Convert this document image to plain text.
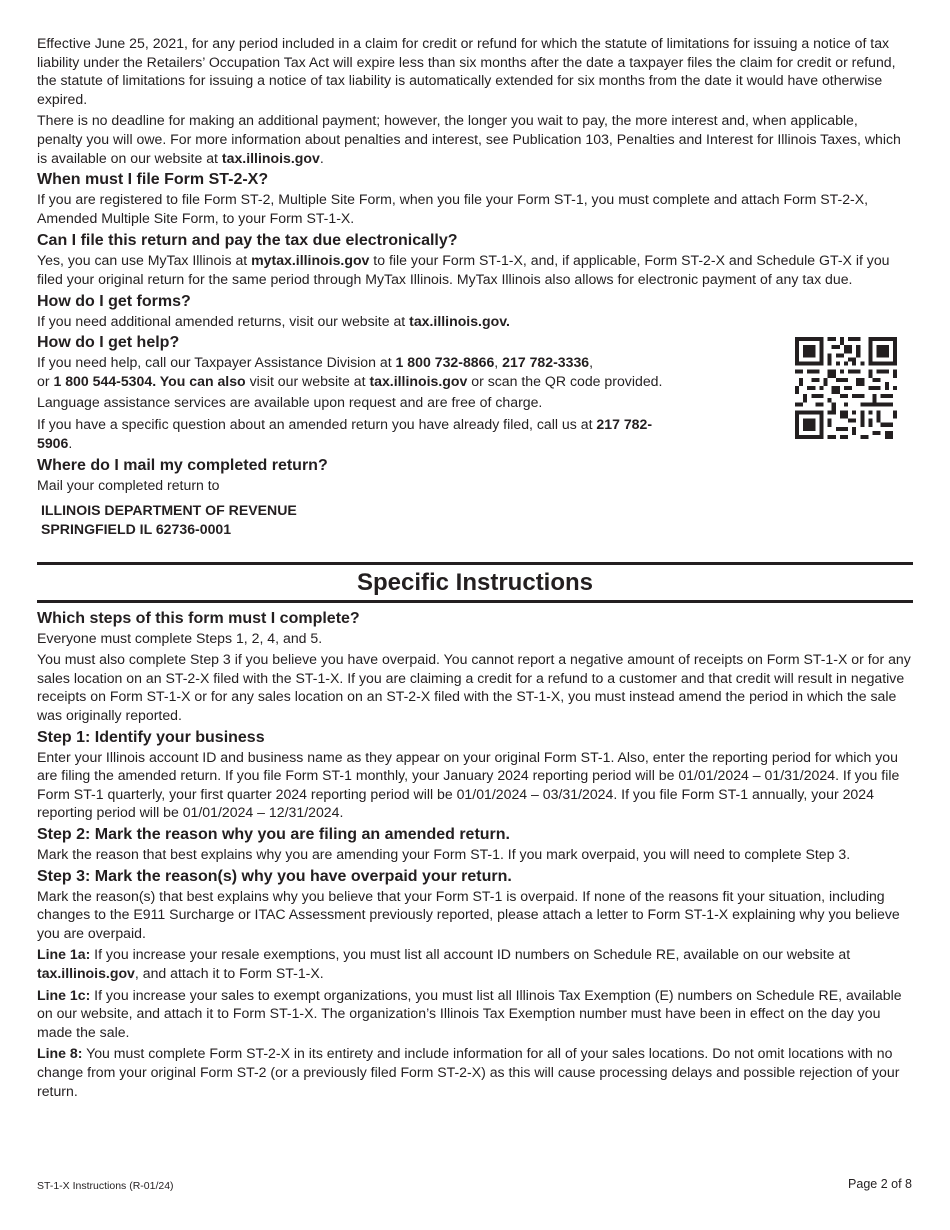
Effective June 25, 2021, for any period included in a claim for credit or refund for which the statute of limitations for issuing a notice of tax liability under the Retailers’ Occupation Tax Act will expire less than six months after the date a taxpayer files the claim for credit or refund, the statute of limitations for issuing a notice of tax liability is automatically extended for six months from the date it would have otherwise expired.

There is no deadline for making an additional payment; however, the longer you wait to pay, the more interest and, when applicable, penalty you will owe. For more information about penalties and interest, see Publication 103, Penalties and Interest for Illinois Taxes, which is available on our website at tax.illinois.gov.

When must I file Form ST-2-X?

If you are registered to file Form ST-2, Multiple Site Form, when you file your Form ST-1, you must complete and attach Form ST-2-X, Amended Multiple Site Form, to your Form ST-1-X.

Can I file this return and pay the tax due electronically?

Yes, you can use MyTax Illinois at mytax.illinois.gov to file your Form ST-1-X, and, if applicable, Form ST-2-X and Schedule GT-X if you filed your original return for the same period through MyTax Illinois. MyTax Illinois also allows for electronic payment of any tax due.

How do I get forms?

If you need additional amended returns, visit our website at tax.illinois.gov.

How do I get help?

If you need help, call our Taxpayer Assistance Division at 1 800 732-8866, 217 782-3336,
or 1 800 544-5304. You can also visit our website at tax.illinois.gov or scan the QR code provided.

Language assistance services are available upon request and are free of charge.

If you have a specific question about an amended return you have already filed, call us at 217 782-5906.

Where do I mail my completed return?

Mail your completed return to

ILLINOIS DEPARTMENT OF REVENUE
SPRINGFIELD IL 62736-0001
Specific Instructions
Which steps of this form must I complete?

Everyone must complete Steps 1, 2, 4, and 5.

You must also complete Step 3 if you believe you have overpaid. You cannot report a negative amount of receipts on Form ST-1-X or for any sales location on an ST-2-X filed with the ST-1-X. If you are claiming a credit for a refund to a customer and that credit will result in negative receipts on Form ST-1-X or for any sales location on an ST-2-X filed with the ST-1-X, you must instead amend the period in which the sale was originally reported.

Step 1: Identify your business

Enter your Illinois account ID and business name as they appear on your original Form ST-1. Also, enter the reporting period for which you are filing the amended return. If you file Form ST-1 monthly, your January 2024 reporting period will be 01/01/2024 – 01/31/2024. If you file Form ST-1 quarterly, your first quarter 2024 reporting period will be 01/01/2024 – 03/31/2024. If you file Form ST-1 annually, your 2024 reporting period will be 01/01/2024 – 12/31/2024.

Step 2: Mark the reason why you are filing an amended return.

Mark the reason that best explains why you are amending your Form ST-1. If you mark overpaid, you will need to complete Step 3.

Step 3: Mark the reason(s) why you have overpaid your return.

Mark the reason(s) that best explains why you believe that your Form ST-1 is overpaid. If none of the reasons fit your situation, including changes to the E911 Surcharge or ITAC Assessment previously reported, please attach a letter to Form ST-1-X explaining why you believe you are overpaid.

Line 1a: If you increase your resale exemptions, you must list all account ID numbers on Schedule RE, available on our website at tax.illinois.gov, and attach it to Form ST-1-X.

Line 1c: If you increase your sales to exempt organizations, you must list all Illinois Tax Exemption (E) numbers on Schedule RE, available on our website, and attach it to Form ST-1-X. The organization’s Illinois Tax Exemption number must have been in effect on the day you made the sale.

Line 8: You must complete Form ST-2-X in its entirety and include information for all of your sales locations. Do not omit locations with no change from your original Form ST-2 (or a previously filed Form ST-2-X) as this will cause processing delays and possible rejection of your return.

ST-1-X Instructions (R-01/24)	Page 2 of 8
